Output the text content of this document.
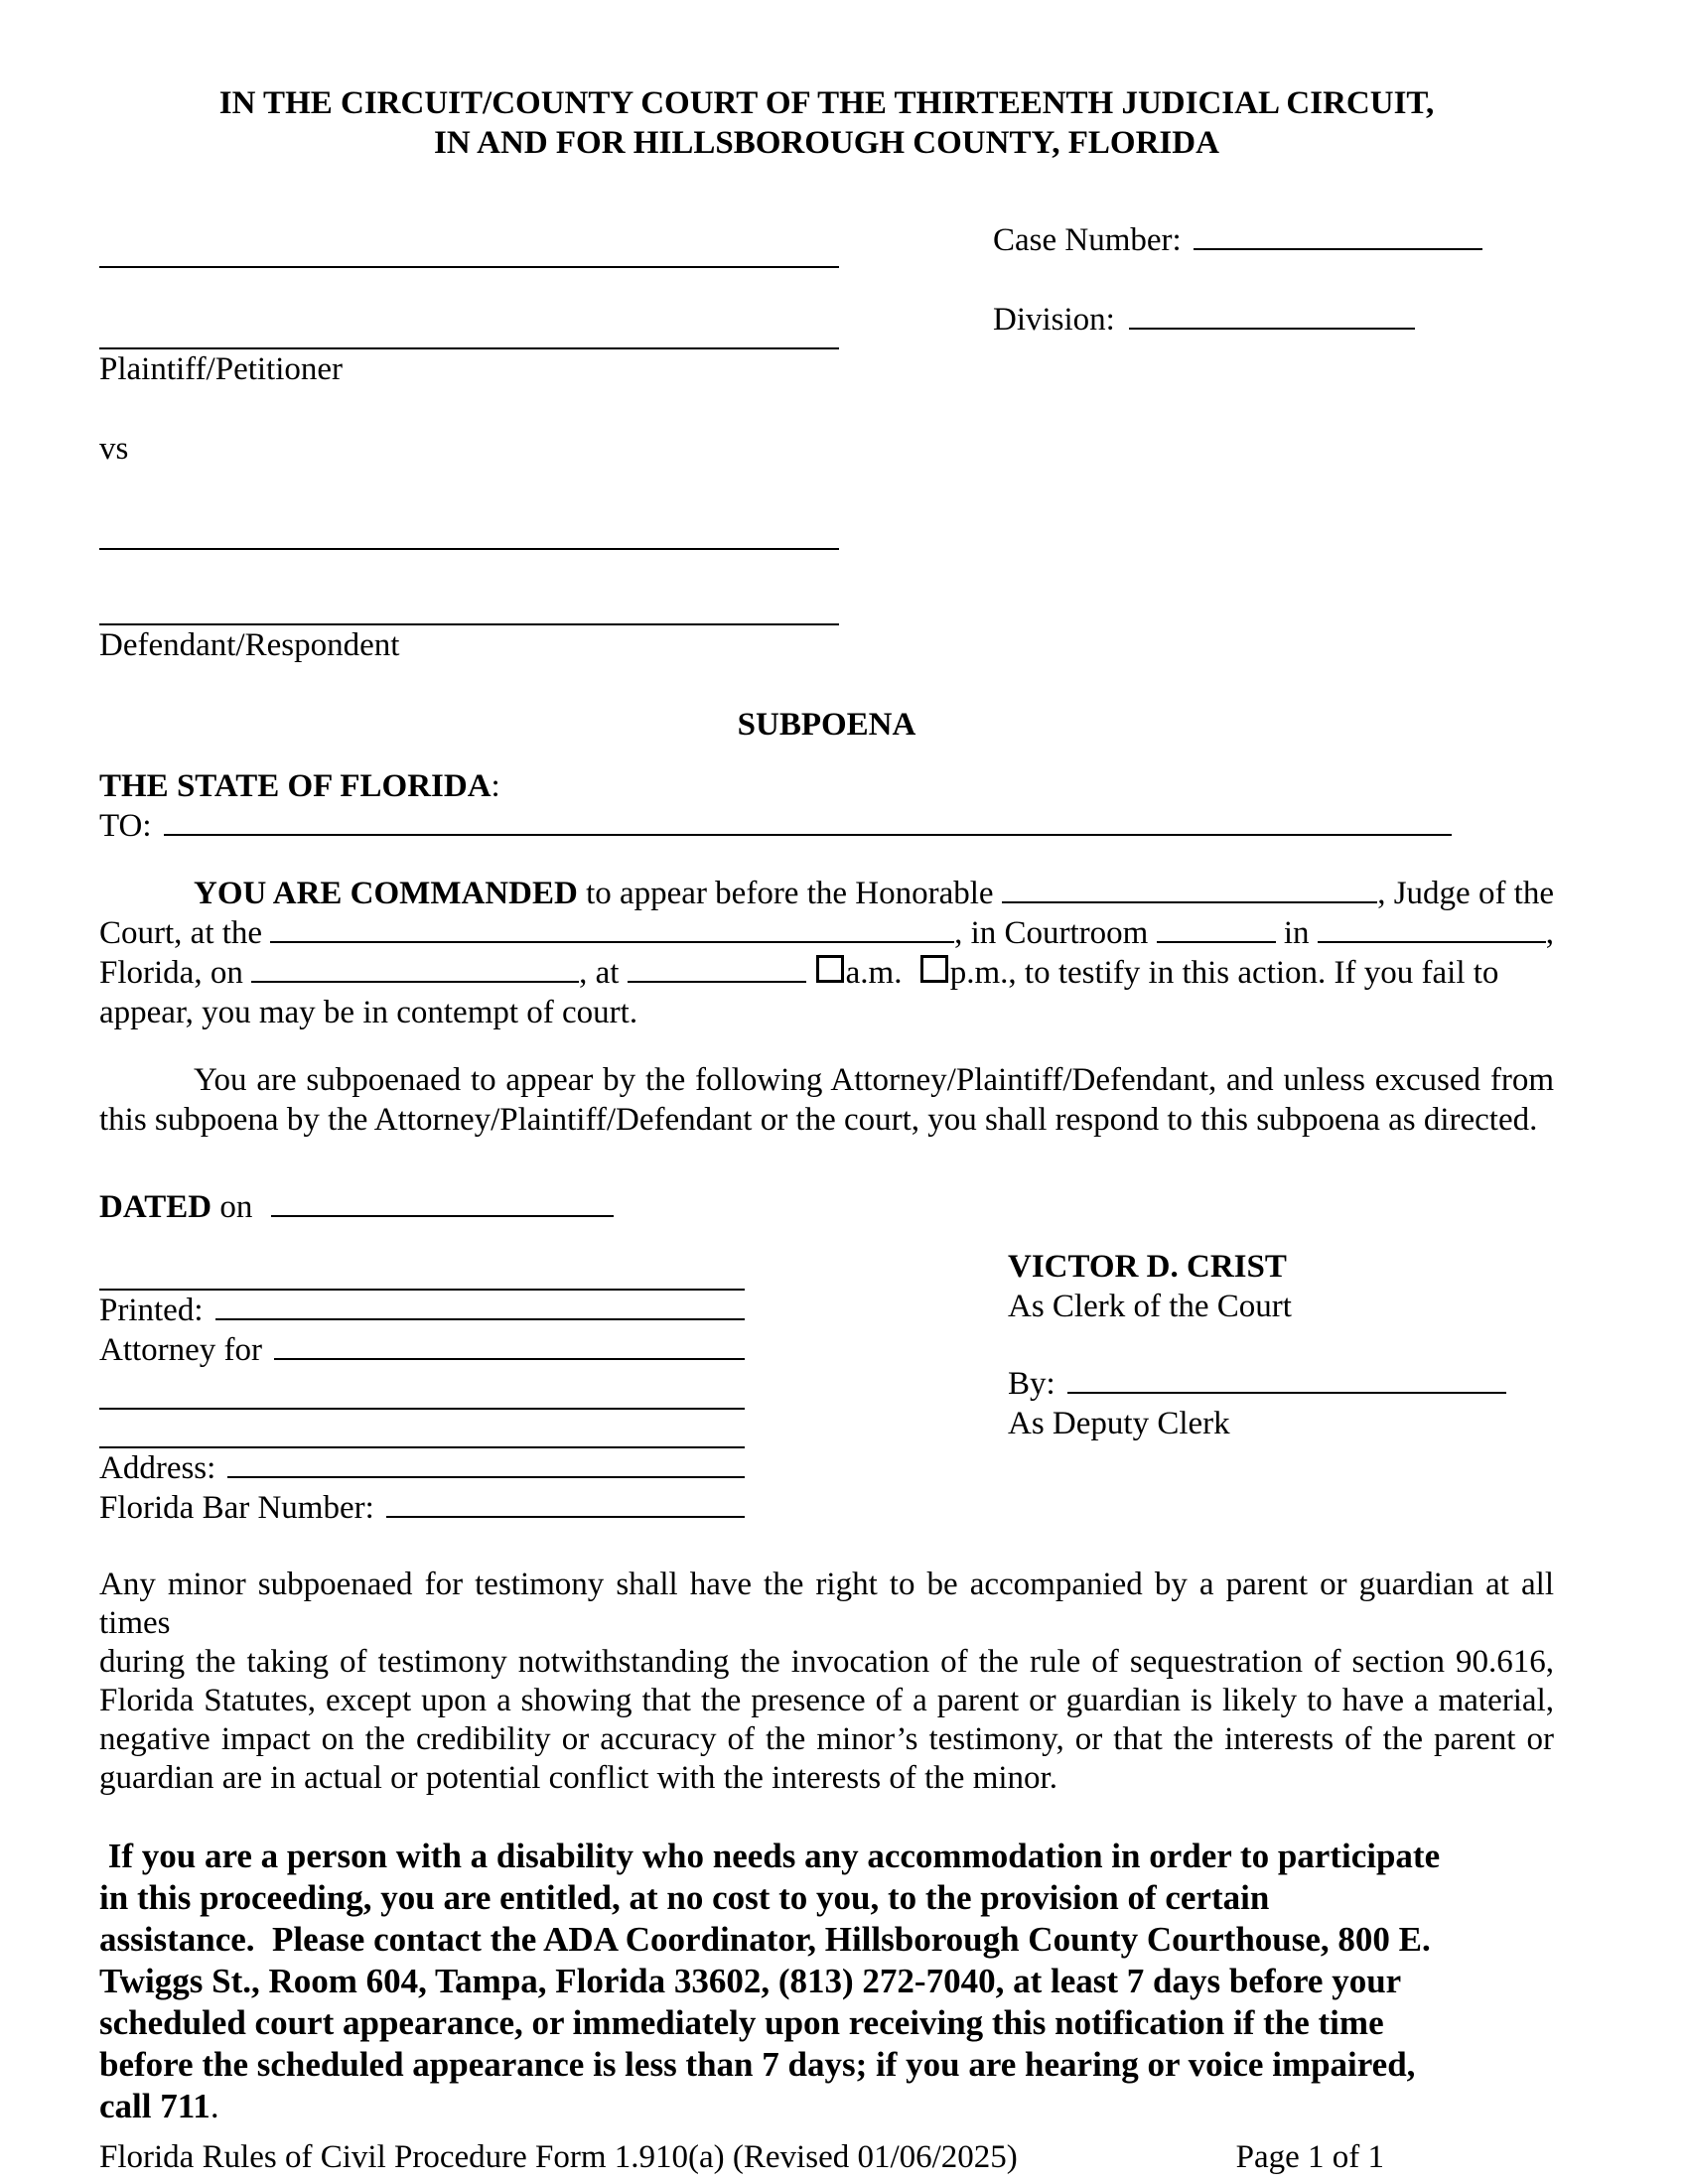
IN THE CIRCUIT/COUNTY COURT OF THE THIRTEENTH JUDICIAL CIRCUIT,
IN AND FOR HILLSBOROUGH COUNTY, FLORIDA
Plaintiff/Petitioner
vs
Defendant/Respondent
Case Number:
Division:
SUBPOENA
THE STATE OF FLORIDA:
TO:
YOU ARE COMMANDED to appear before the Honorable	, Judge of the
Court, at the	, in Courtroom	in	,
Florida, on	, at	a.m. p.m., to testify in this action. If you fail to
appear, you may be in contempt of court.
You are subpoenaed to appear by the following Attorney/Plaintiff/Defendant, and unless excused from
this subpoena by the Attorney/Plaintiff/Defendant or the court, you shall respond to this subpoena as directed.
DATED on
Printed:
Attorney for
Address:
Florida Bar Number:
VICTOR D. CRIST
As Clerk of the Court
By:
As Deputy Clerk
Any minor subpoenaed for testimony shall have the right to be accompanied by a parent or guardian at all times
during the taking of testimony notwithstanding the invocation of the rule of sequestration of section 90.616,
Florida Statutes, except upon a showing that the presence of a parent or guardian is likely to have a material,
negative impact on the credibility or accuracy of the minor’s testimony, or that the interests of the parent or
guardian are in actual or potential conflict with the interests of the minor.
If you are a person with a disability who needs any accommodation in order to participate
in this proceeding, you are entitled, at no cost to you, to the provision of certain
assistance.  Please contact the ADA Coordinator, Hillsborough County Courthouse, 800 E.
Twiggs St., Room 604, Tampa, Florida 33602, (813) 272-7040, at least 7 days before your
scheduled court appearance, or immediately upon receiving this notification if the time
before the scheduled appearance is less than 7 days; if you are hearing or voice impaired,
call 711.
Florida Rules of Civil Procedure Form 1.910(a) (Revised 01/06/2025)	Page 1 of 1
